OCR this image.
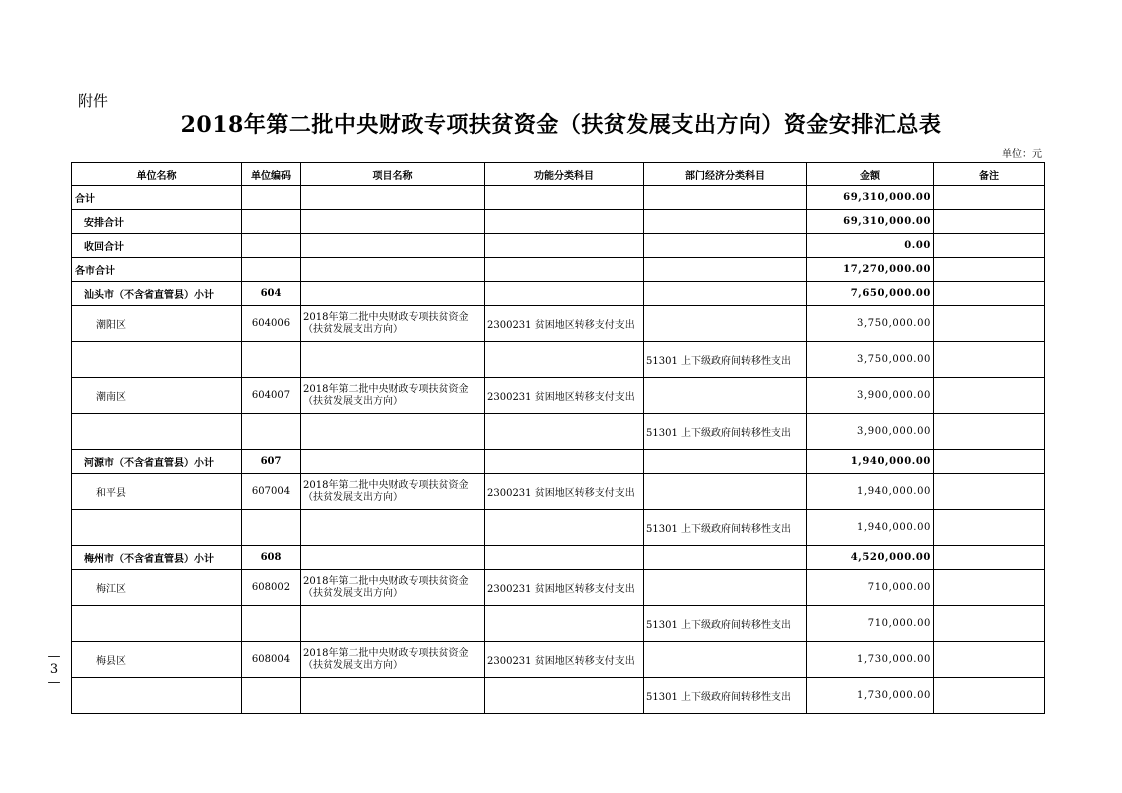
附件
2018年第二批中央财政专项扶贫资金（扶贫发展支出方向）资金安排汇总表
单位：元
—
3
—
单位名称	单位编码	项目名称	功能分类科目	部门经济分类科目	金额	备注
合计					69,310,000.00	
安排合计					69,310,000.00	
收回合计					0.00	
各市合计					17,270,000.00	
汕头市（不含省直管县）小计	604				7,650,000.00	
潮阳区	604006	2018年第二批中央财政专项扶贫资金（扶贫发展支出方向）	2300231 贫困地区转移支付支出		3,750,000.00	
				51301 上下级政府间转移性支出	3,750,000.00	
潮南区	604007	2018年第二批中央财政专项扶贫资金（扶贫发展支出方向）	2300231 贫困地区转移支付支出		3,900,000.00	
				51301 上下级政府间转移性支出	3,900,000.00	
河源市（不含省直管县）小计	607				1,940,000.00	
和平县	607004	2018年第二批中央财政专项扶贫资金（扶贫发展支出方向）	2300231 贫困地区转移支付支出		1,940,000.00	
				51301 上下级政府间转移性支出	1,940,000.00	
梅州市（不含省直管县）小计	608				4,520,000.00	
梅江区	608002	2018年第二批中央财政专项扶贫资金（扶贫发展支出方向）	2300231 贫困地区转移支付支出		710,000.00	
				51301 上下级政府间转移性支出	710,000.00	
梅县区	608004	2018年第二批中央财政专项扶贫资金（扶贫发展支出方向）	2300231 贫困地区转移支付支出		1,730,000.00	
				51301 上下级政府间转移性支出	1,730,000.00	
